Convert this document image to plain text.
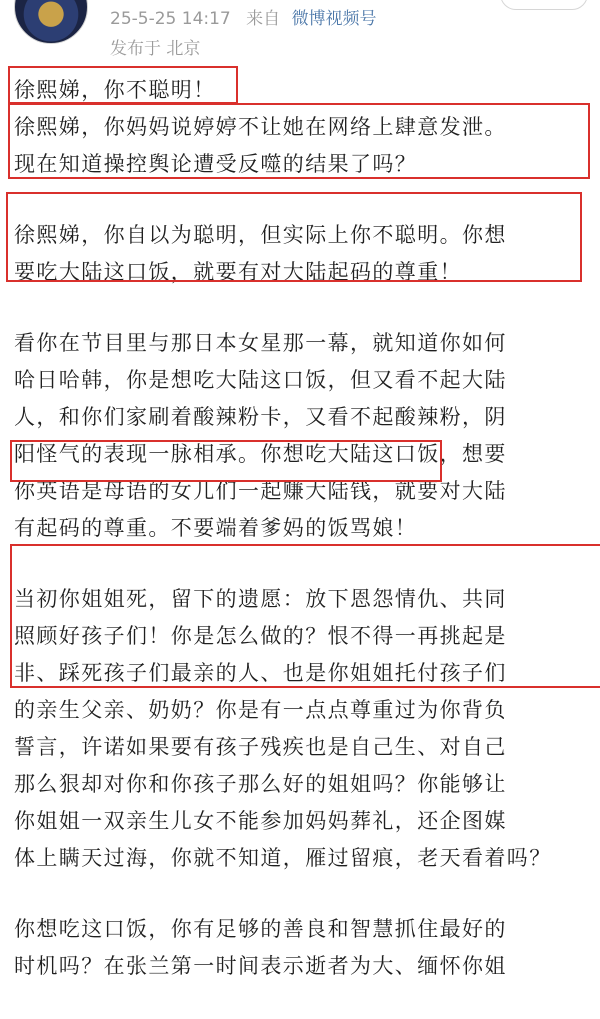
25-5-25 14:17 来自 微博视频号
发布于 北京
徐熙娣，你不聪明！
徐熙娣，你妈妈说婷婷不让她在网络上肆意发泄。
现在知道操控舆论遭受反噬的结果了吗？
徐熙娣，你自以为聪明，但实际上你不聪明。你想
要吃大陆这口饭，就要有对大陆起码的尊重！
看你在节目里与那日本女星那一幕，就知道你如何
哈日哈韩，你是想吃大陆这口饭，但又看不起大陆
人，和你们家刷着酸辣粉卡，又看不起酸辣粉，阴
阳怪气的表现一脉相承。你想吃大陆这口饭，想要
你英语是母语的女儿们一起赚大陆钱，就要对大陆
有起码的尊重。不要端着爹妈的饭骂娘！
当初你姐姐死，留下的遗愿：放下恩怨情仇、共同
照顾好孩子们！你是怎么做的？恨不得一再挑起是
非、踩死孩子们最亲的人、也是你姐姐托付孩子们
的亲生父亲、奶奶？你是有一点点尊重过为你背负
誓言，许诺如果要有孩子残疾也是自己生、对自己
那么狠却对你和你孩子那么好的姐姐吗？你能够让
你姐姐一双亲生儿女不能参加妈妈葬礼，还企图媒
体上瞒天过海，你就不知道，雁过留痕，老天看着吗？
你想吃这口饭，你有足够的善良和智慧抓住最好的
时机吗？在张兰第一时间表示逝者为大、缅怀你姐
